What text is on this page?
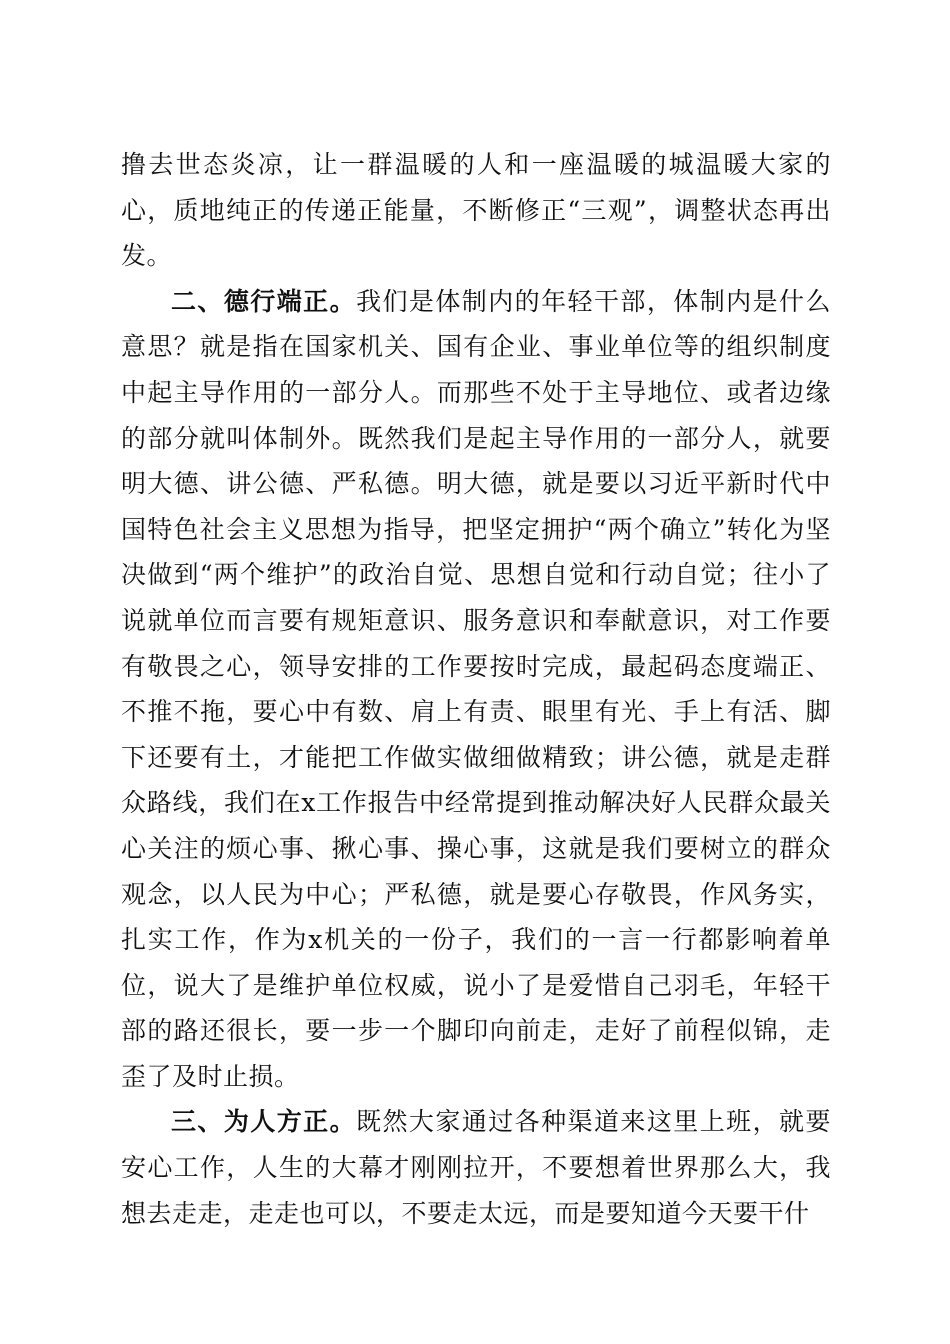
撸去世态炎凉，让一群温暖的人和一座温暖的城温暖大家的心，质地纯正的传递正能量，不断修正“三观”，调整状态再出发。

二、德行端正。我们是体制内的年轻干部，体制内是什么意思？就是指在国家机关、国有企业、事业单位等的组织制度中起主导作用的一部分人。而那些不处于主导地位、或者边缘的部分就叫体制外。既然我们是起主导作用的一部分人，就要明大德、讲公德、严私德。明大德，就是要以习近平新时代中国特色社会主义思想为指导，把坚定拥护“两个确立”转化为坚决做到“两个维护”的政治自觉、思想自觉和行动自觉；往小了说就单位而言要有规矩意识、服务意识和奉献意识，对工作要有敬畏之心，领导安排的工作要按时完成，最起码态度端正、不推不拖，要心中有数、肩上有责、眼里有光、手上有活、脚下还要有土，才能把工作做实做细做精致；讲公德，就是走群众路线，我们在x工作报告中经常提到推动解决好人民群众最关心关注的烦心事、揪心事、操心事，这就是我们要树立的群众观念，以人民为中心；严私德，就是要心存敬畏，作风务实，扎实工作，作为x机关的一份子，我们的一言一行都影响着单位，说大了是维护单位权威，说小了是爱惜自己羽毛，年轻干部的路还很长，要一步一个脚印向前走，走好了前程似锦，走歪了及时止损。

三、为人方正。既然大家通过各种渠道来这里上班，就要安心工作，人生的大幕才刚刚拉开，不要想着世界那么大，我想去走走，走走也可以，不要走太远，而是要知道今天要干什
